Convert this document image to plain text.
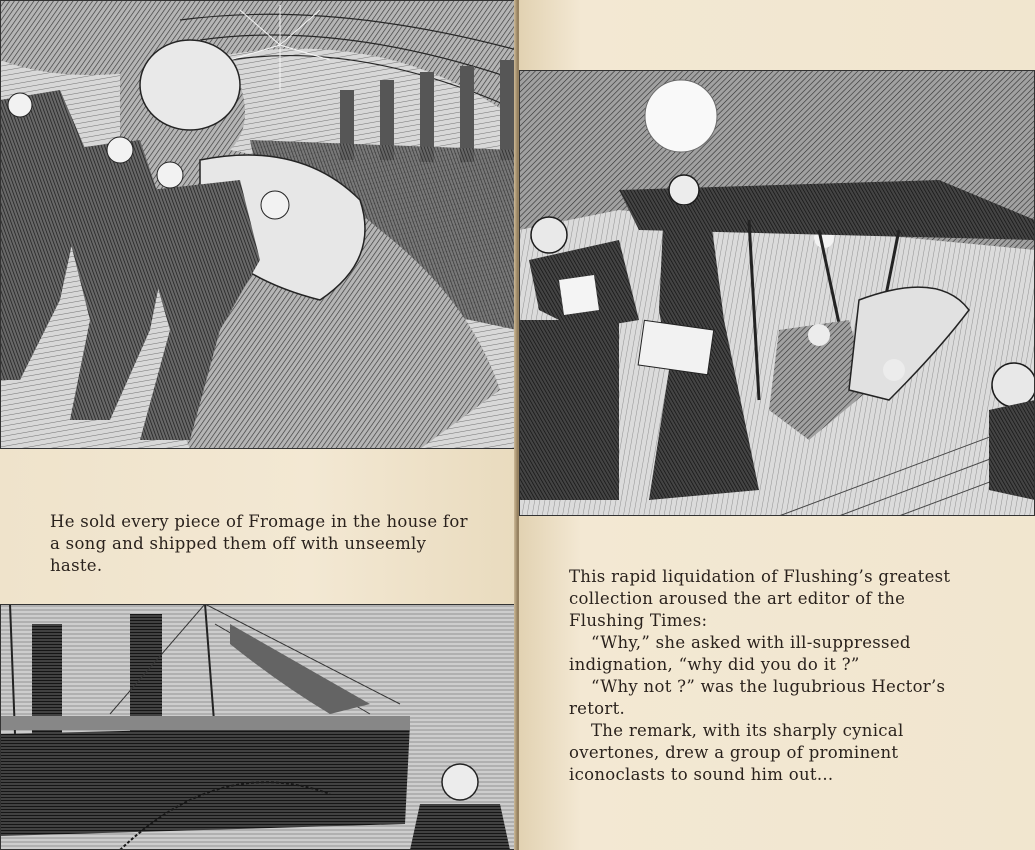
He sold every piece of Fromage in the house for a song and shipped them off with unseemly haste.

This rapid liquidation of Flushing’s greatest collection aroused the art editor of the Flushing Times:
“Why,” she asked with ill-suppressed indignation, “why did you do it ?”
“Why not ?” was the lugubrious Hector’s retort.
The remark, with its sharply cynical overtones, drew a group of prominent iconoclasts to sound him out...
